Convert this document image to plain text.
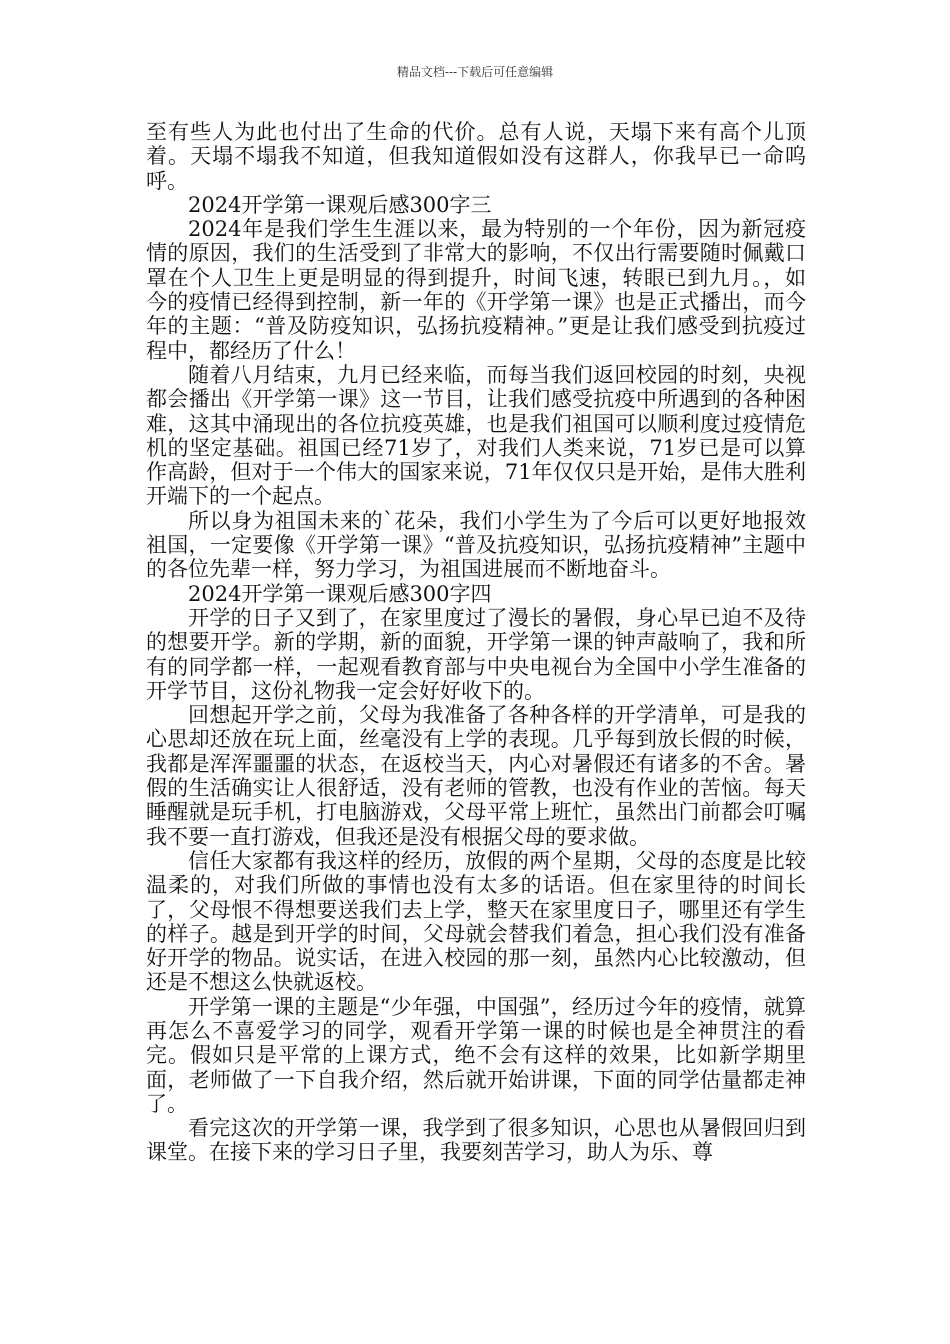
精品文档---下载后可任意编辑

至有些人为此也付出了生命的代价。总有人说，天塌下来有高个儿顶着。天塌不塌我不知道，但我知道假如没有这群人，你我早已一命呜呼。

2024开学第一课观后感300字三

2024年是我们学生生涯以来，最为特别的一个年份，因为新冠疫情的原因，我们的生活受到了非常大的影响，不仅出行需要随时佩戴口罩在个人卫生上更是明显的得到提升，时间飞速，转眼已到九月。，如今的疫情已经得到控制，新一年的《开学第一课》也是正式播出，而今年的主题：“普及防疫知识，弘扬抗疫精神。”更是让我们感受到抗疫过程中，都经历了什么！

随着八月结束，九月已经来临，而每当我们返回校园的时刻，央视都会播出《开学第一课》这一节目，让我们感受抗疫中所遇到的各种困难，这其中涌现出的各位抗疫英雄，也是我们祖国可以顺利度过疫情危机的坚定基础。祖国已经71岁了，对我们人类来说，71岁已是可以算作高龄，但对于一个伟大的国家来说，71年仅仅只是开始，是伟大胜利开端下的一个起点。

所以身为祖国未来的`花朵，我们小学生为了今后可以更好地报效祖国，一定要像《开学第一课》“普及抗疫知识，弘扬抗疫精神”主题中的各位先辈一样，努力学习，为祖国进展而不断地奋斗。

2024开学第一课观后感300字四

开学的日子又到了，在家里度过了漫长的暑假，身心早已迫不及待的想要开学。新的学期，新的面貌，开学第一课的钟声敲响了，我和所有的同学都一样，一起观看教育部与中央电视台为全国中小学生准备的开学节目，这份礼物我一定会好好收下的。

回想起开学之前，父母为我准备了各种各样的开学清单，可是我的心思却还放在玩上面，丝毫没有上学的表现。几乎每到放长假的时候，我都是浑浑噩噩的状态，在返校当天，内心对暑假还有诸多的不舍。暑假的生活确实让人很舒适，没有老师的管教，也没有作业的苦恼。每天睡醒就是玩手机，打电脑游戏，父母平常上班忙，虽然出门前都会叮嘱我不要一直打游戏，但我还是没有根据父母的要求做。

信任大家都有我这样的经历，放假的两个星期，父母的态度是比较温柔的，对我们所做的事情也没有太多的话语。但在家里待的时间长了，父母恨不得想要送我们去上学，整天在家里度日子，哪里还有学生的样子。越是到开学的时间，父母就会替我们着急，担心我们没有准备好开学的物品。说实话，在进入校园的那一刻，虽然内心比较激动，但还是不想这么快就返校。

开学第一课的主题是“少年强，中国强”，经历过今年的疫情，就算再怎么不喜爱学习的同学，观看开学第一课的时候也是全神贯注的看完。假如只是平常的上课方式，绝不会有这样的效果，比如新学期里面，老师做了一下自我介绍，然后就开始讲课，下面的同学估量都走神了。

看完这次的开学第一课，我学到了很多知识，心思也从暑假回归到课堂。在接下来的学习日子里，我要刻苦学习，助人为乐、尊
